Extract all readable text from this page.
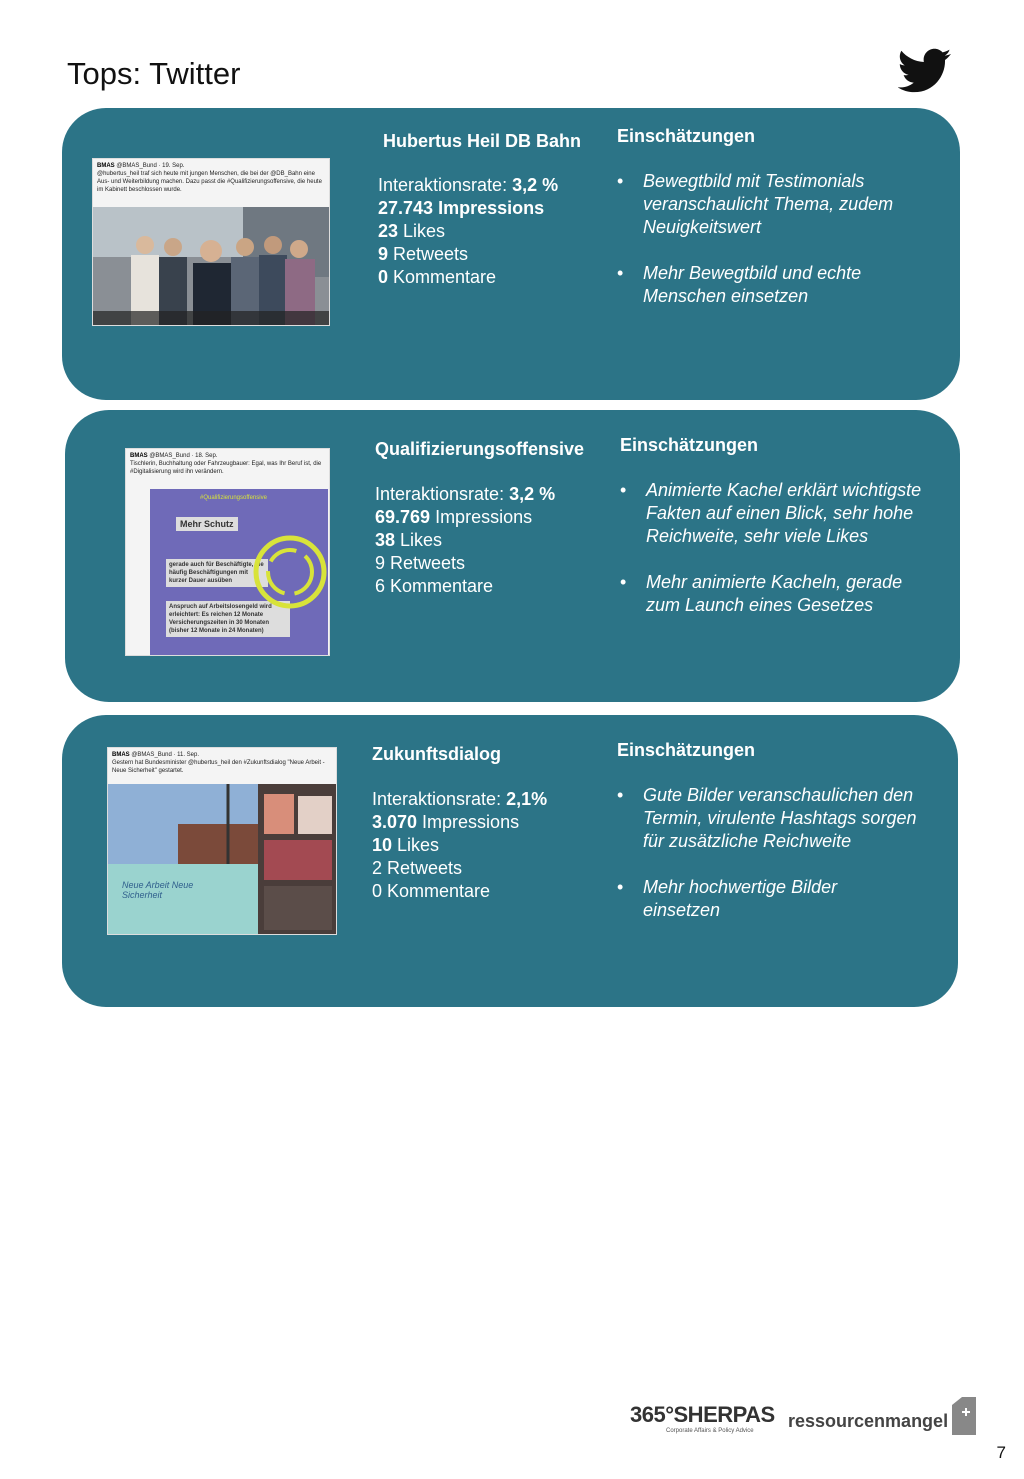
Tops: Twitter
BMAS @BMAS_Bund · 19. Sep.
@hubertus_heil traf sich heute mit jungen Menschen, die bei der @DB_Bahn eine Aus- und Weiterbildung machen. Dazu passt die #Qualifizierungsoffensive, die heute im Kabinett beschlossen wurde.
Hubertus Heil DB Bahn
Interaktionsrate: 3,2 %
27.743 Impressions
23 Likes
9 Retweets
0 Kommentare
Einschätzungen
• Bewegtbild mit Testimonials veranschaulicht Thema, zudem Neuigkeitswert
• Mehr Bewegtbild und echte Menschen einsetzen
BMAS @BMAS_Bund · 18. Sep.
Tischlerin, Buchhaltung oder Fahrzeugbauer: Egal, was Ihr Beruf ist, die #Digitalisierung wird ihn verändern.
#Qualifizierungsoffensive
Mehr Schutz
gerade auch für Beschäftigte, die häufig Beschäftigungen mit kurzer Dauer ausüben
Anspruch auf Arbeitslosengeld wird erleichtert: Es reichen 12 Monate Versicherungszeiten in 30 Monaten (bisher 12 Monate in 24 Monaten)
Qualifizierungsoffensive
Interaktionsrate: 3,2 %
69.769 Impressions
38 Likes
9 Retweets
6 Kommentare
Einschätzungen
• Animierte Kachel erklärt wichtigste Fakten auf einen Blick, sehr hohe Reichweite, sehr viele Likes
• Mehr animierte Kacheln, gerade zum Launch eines Gesetzes
BMAS @BMAS_Bund · 11. Sep.
Gestern hat Bundesminister @hubertus_heil den #Zukunftsdialog "Neue Arbeit - Neue Sicherheit" gestartet.
Neue Arbeit Neue Sicherheit
Zukunftsdialog
Interaktionsrate: 2,1%
3.070 Impressions
10 Likes
2 Retweets
0 Kommentare
Einschätzungen
• Gute Bilder veranschaulichen den Termin, virulente Hashtags sorgen für zusätzliche Reichweite
• Mehr hochwertige Bilder einsetzen
365°SHERPAS
Corporate Affairs & Policy Advice	ressourcenmangel
7
